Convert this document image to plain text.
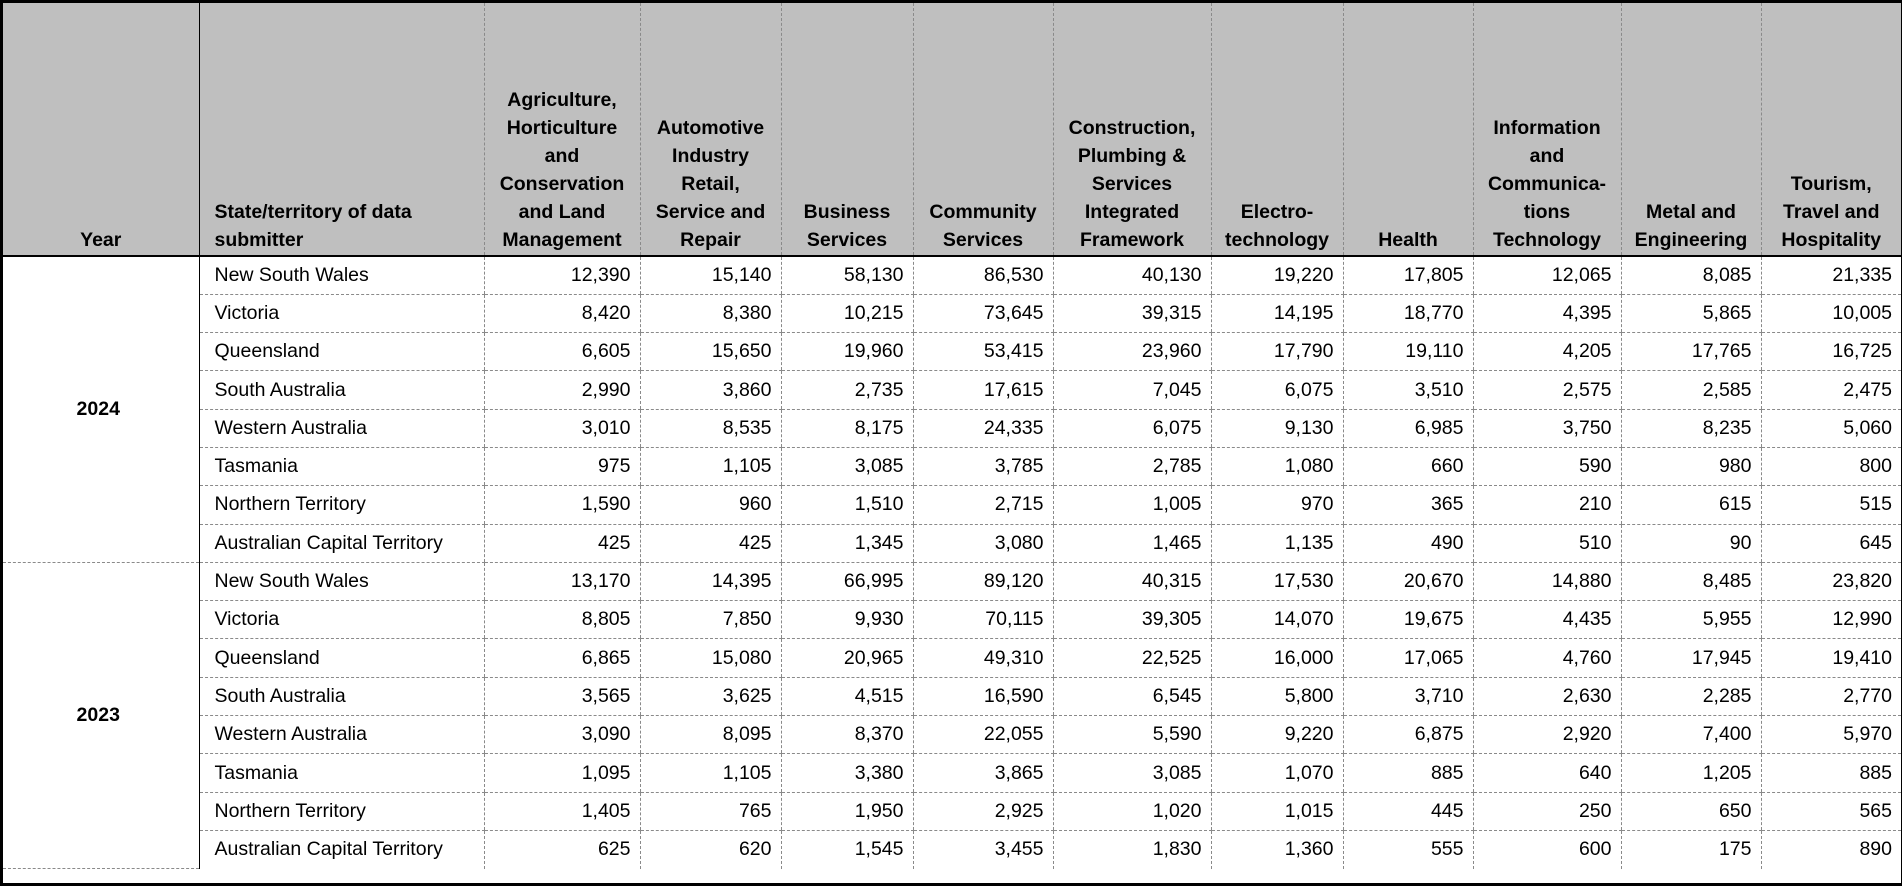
Year	State/territory of data submitter	Agriculture, Horticulture and Conservation and Land Management	Automotive Industry Retail, Service and Repair	Business Services	Community Services	Construction, Plumbing & Services Integrated Framework	Electro-technology	Health	Information and Communica-tions Technology	Metal and Engineering	Tourism, Travel and Hospitality
2024	New South Wales	12,390	15,140	58,130	86,530	40,130	19,220	17,805	12,065	8,085	21,335
	Victoria	8,420	8,380	10,215	73,645	39,315	14,195	18,770	4,395	5,865	10,005
	Queensland	6,605	15,650	19,960	53,415	23,960	17,790	19,110	4,205	17,765	16,725
	South Australia	2,990	3,860	2,735	17,615	7,045	6,075	3,510	2,575	2,585	2,475
	Western Australia	3,010	8,535	8,175	24,335	6,075	9,130	6,985	3,750	8,235	5,060
	Tasmania	975	1,105	3,085	3,785	2,785	1,080	660	590	980	800
	Northern Territory	1,590	960	1,510	2,715	1,005	970	365	210	615	515
	Australian Capital Territory	425	425	1,345	3,080	1,465	1,135	490	510	90	645
2023	New South Wales	13,170	14,395	66,995	89,120	40,315	17,530	20,670	14,880	8,485	23,820
	Victoria	8,805	7,850	9,930	70,115	39,305	14,070	19,675	4,435	5,955	12,990
	Queensland	6,865	15,080	20,965	49,310	22,525	16,000	17,065	4,760	17,945	19,410
	South Australia	3,565	3,625	4,515	16,590	6,545	5,800	3,710	2,630	2,285	2,770
	Western Australia	3,090	8,095	8,370	22,055	5,590	9,220	6,875	2,920	7,400	5,970
	Tasmania	1,095	1,105	3,380	3,865	3,085	1,070	885	640	1,205	885
	Northern Territory	1,405	765	1,950	2,925	1,020	1,015	445	250	650	565
	Australian Capital Territory	625	620	1,545	3,455	1,830	1,360	555	600	175	890
